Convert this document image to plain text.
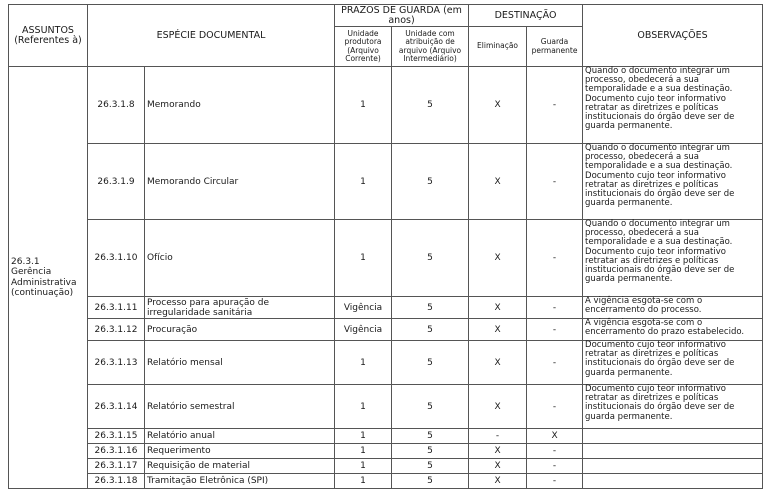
ASSUNTOS (Referentes à)	ESPÉCIE DOCUMENTAL		PRAZOS DE GUARDA (em anos)		DESTINAÇÃO		OBSERVAÇÕES
			Unidade produtora (Arquivo Corrente)	Unidade com atribuição de arquivo (Arquivo Intermediário)	Eliminação	Guarda permanente	

26.3.1
Gerência Administrativa (continuação)	26.3.1.8	Memorando	1	5	X	-	Quando o documento integrar um processo, obedecerá a sua temporalidade e a sua destinação. Documento cujo teor informativo retratar as diretrizes e políticas institucionais do órgão deve ser de guarda permanente.
	26.3.1.9	Memorando Circular	1	5	X	-	Quando o documento integrar um processo, obedecerá a sua temporalidade e a sua destinação. Documento cujo teor informativo retratar as diretrizes e políticas institucionais do órgão deve ser de guarda permanente.
	26.3.1.10	Ofício	1	5	X	-	Quando o documento integrar um processo, obedecerá a sua temporalidade e a sua destinação. Documento cujo teor informativo retratar as diretrizes e políticas institucionais do órgão deve ser de guarda permanente.
	26.3.1.11	Processo para apuração de irregularidade sanitária	Vigência	5	X	-	A vigência esgota-se com o encerramento do processo.
	26.3.1.12	Procuração	Vigência	5	X	-	A vigência esgota-se com o encerramento do prazo estabelecido.
	26.3.1.13	Relatório mensal	1	5	X	-	Documento cujo teor informativo retratar as diretrizes e políticas institucionais do órgão deve ser de guarda permanente.
	26.3.1.14	Relatório semestral	1	5	X	-	Documento cujo teor informativo retratar as diretrizes e políticas institucionais do órgão deve ser de guarda permanente.
	26.3.1.15	Relatório anual	1	5	-	X	
	26.3.1.16	Requerimento	1	5	X	-	
	26.3.1.17	Requisição de material	1	5	X	-	
	26.3.1.18	Tramitação Eletrônica (SPI)	1	5	X	-	
